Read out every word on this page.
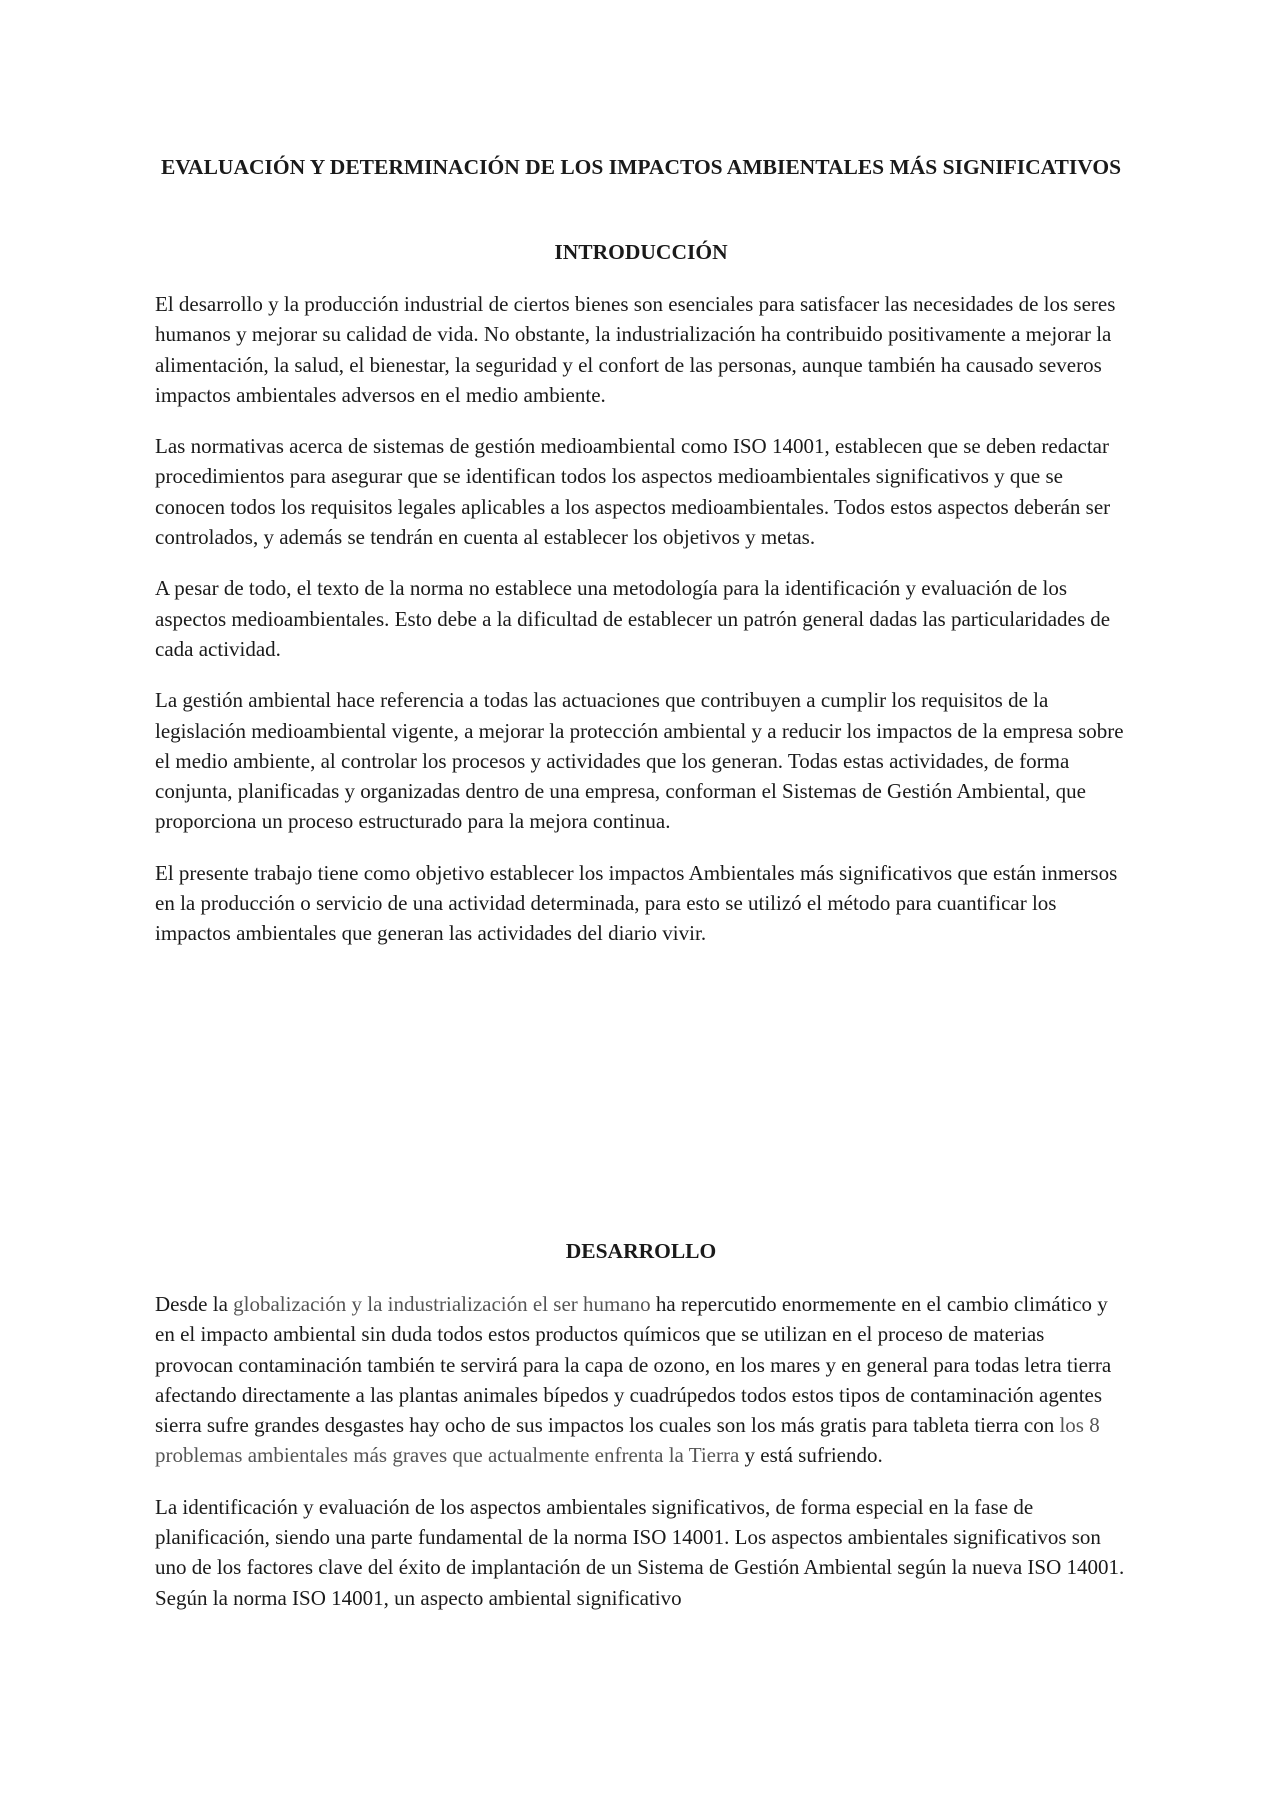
EVALUACIÓN Y DETERMINACIÓN DE LOS IMPACTOS AMBIENTALES MÁS SIGNIFICATIVOS
INTRODUCCIÓN

El desarrollo y la producción industrial de ciertos bienes son esenciales para satisfacer las necesidades de los seres humanos y mejorar su calidad de vida. No obstante, la industrialización ha contribuido positivamente a mejorar la alimentación, la salud, el bienestar, la seguridad y el confort de las personas, aunque también ha causado severos impactos ambientales adversos en el medio ambiente.

Las normativas acerca de sistemas de gestión medioambiental como ISO 14001, establecen que se deben redactar procedimientos para asegurar que se identifican todos los aspectos medioambientales significativos y que se conocen todos los requisitos legales aplicables a los aspectos medioambientales. Todos estos aspectos deberán ser controlados, y además se tendrán en cuenta al establecer los objetivos y metas.

A pesar de todo, el texto de la norma no establece una metodología para la identificación y evaluación de los aspectos medioambientales. Esto debe a la dificultad de establecer un patrón general dadas las particularidades de cada actividad.

La gestión ambiental hace referencia a todas las actuaciones que contribuyen a cumplir los requisitos de la legislación medioambiental vigente, a mejorar la protección ambiental y a reducir los impactos de la empresa sobre el medio ambiente, al controlar los procesos y actividades que los generan. Todas estas actividades, de forma conjunta, planificadas y organizadas dentro de una empresa, conforman el Sistemas de Gestión Ambiental, que proporciona un proceso estructurado para la mejora continua.

El presente trabajo tiene como objetivo establecer los impactos Ambientales más significativos que están inmersos en la producción o servicio de una actividad determinada, para esto se utilizó el método para cuantificar los impactos ambientales que generan las actividades del diario vivir.

DESARROLLO

Desde la globalización y la industrialización el ser humano ha repercutido enormemente en el cambio climático y en el impacto ambiental sin duda todos estos productos químicos que se utilizan en el proceso de materias provocan contaminación también te servirá para la capa de ozono, en los mares y en general para todas letra tierra afectando directamente a las plantas animales bípedos y cuadrúpedos todos estos tipos de contaminación agentes sierra sufre grandes desgastes hay ocho de sus impactos los cuales son los más gratis para tableta tierra con los 8 problemas ambientales más graves que actualmente enfrenta la Tierra y está sufriendo.

La identificación y evaluación de los aspectos ambientales significativos, de forma especial en la fase de planificación, siendo una parte fundamental de la norma ISO 14001. Los aspectos ambientales significativos son uno de los factores clave del éxito de implantación de un Sistema de Gestión Ambiental según la nueva ISO 14001. Según la norma ISO 14001, un aspecto ambiental significativo
